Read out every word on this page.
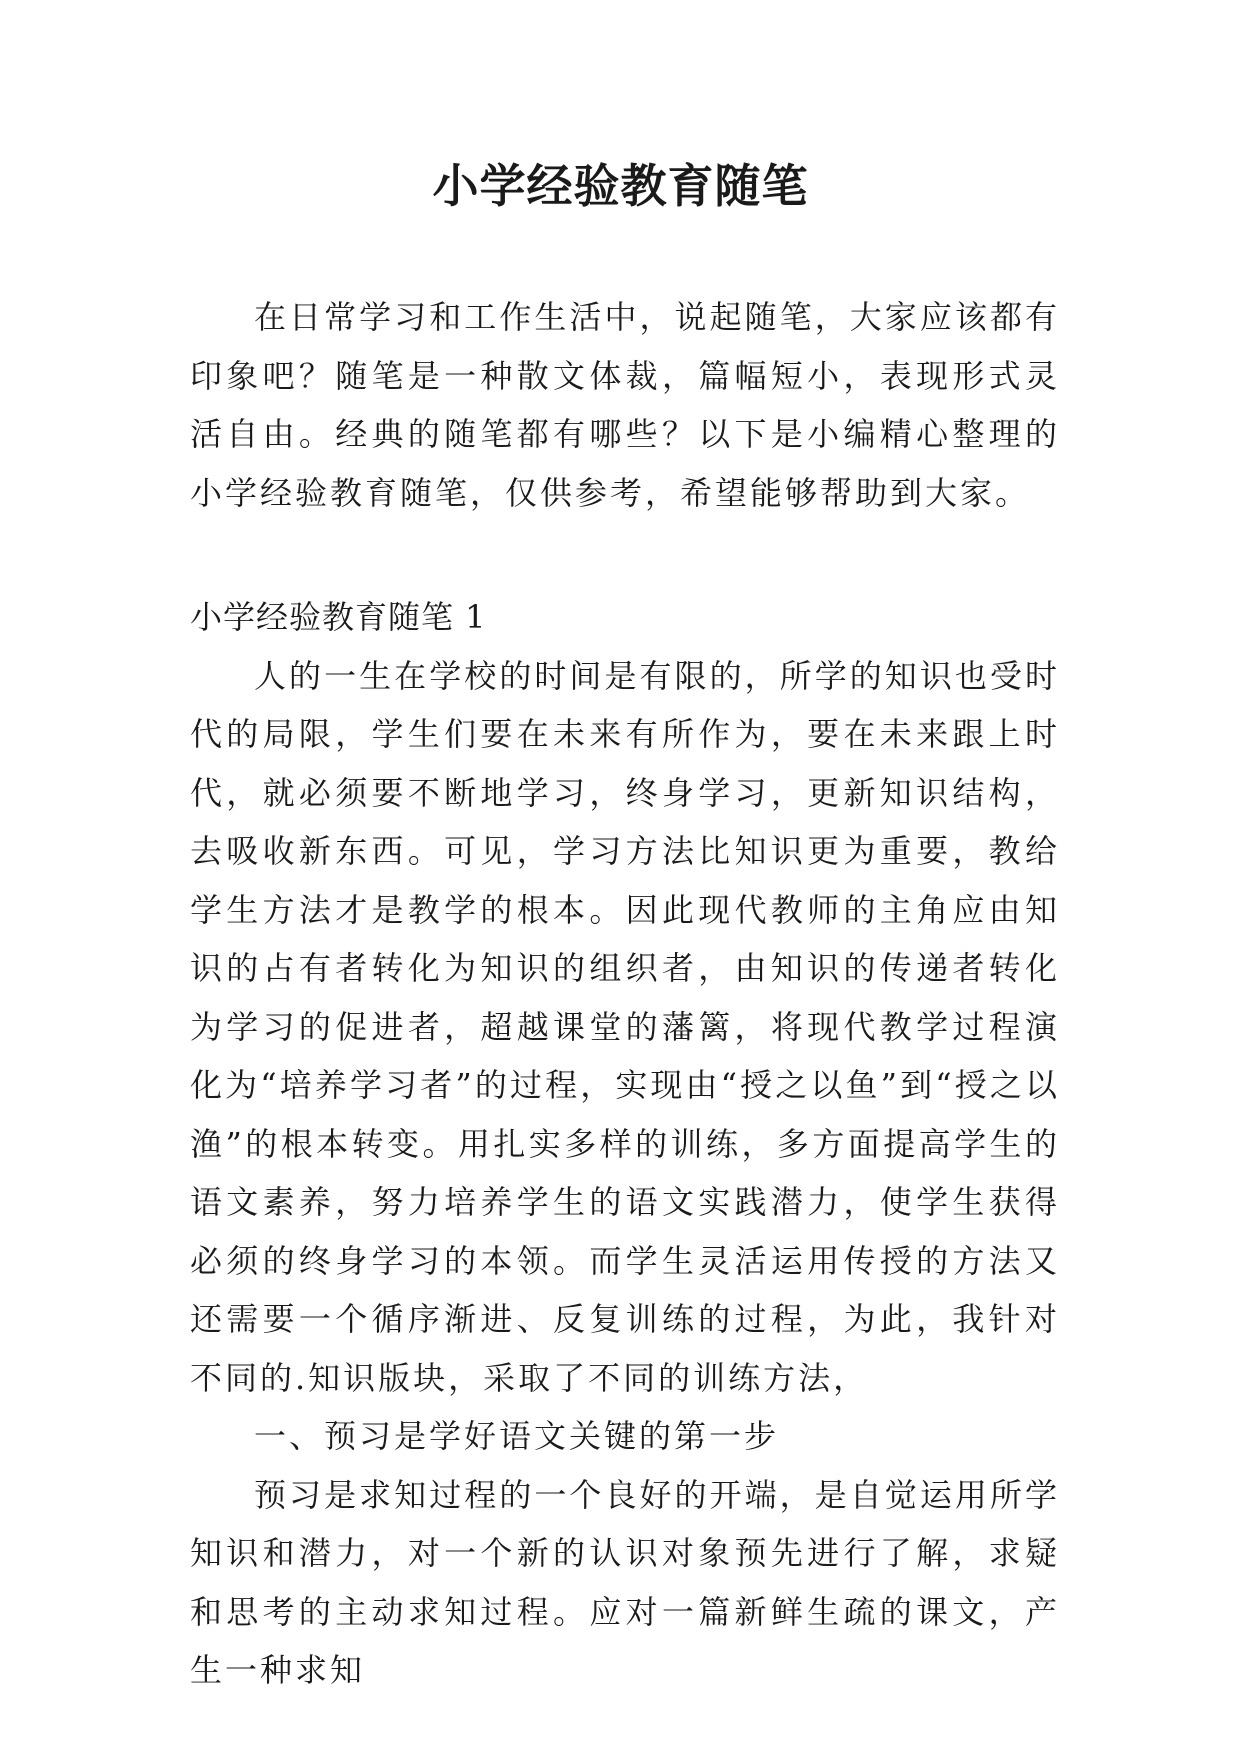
小学经验教育随笔

在日常学习和工作生活中，说起随笔，大家应该都有印象吧？随笔是一种散文体裁，篇幅短小，表现形式灵活自由。经典的随笔都有哪些？以下是小编精心整理的小学经验教育随笔，仅供参考，希望能够帮助到大家。

小学经验教育随笔 1

人的一生在学校的时间是有限的，所学的知识也受时代的局限，学生们要在未来有所作为，要在未来跟上时代，就必须要不断地学习，终身学习，更新知识结构，去吸收新东西。可见，学习方法比知识更为重要，教给学生方法才是教学的根本。因此现代教师的主角应由知识的占有者转化为知识的组织者，由知识的传递者转化为学习的促进者，超越课堂的藩篱，将现代教学过程演化为“培养学习者”的过程，实现由“授之以鱼”到“授之以渔”的根本转变。用扎实多样的训练，多方面提高学生的语文素养，努力培养学生的语文实践潜力，使学生获得必须的终身学习的本领。而学生灵活运用传授的方法又还需要一个循序渐进、反复训练的过程，为此，我针对不同的.知识版块，采取了不同的训练方法，

一、预习是学好语文关键的第一步

预习是求知过程的一个良好的开端，是自觉运用所学知识和潜力，对一个新的认识对象预先进行了解，求疑和思考的主动求知过程。应对一篇新鲜生疏的课文，产生一种求知
